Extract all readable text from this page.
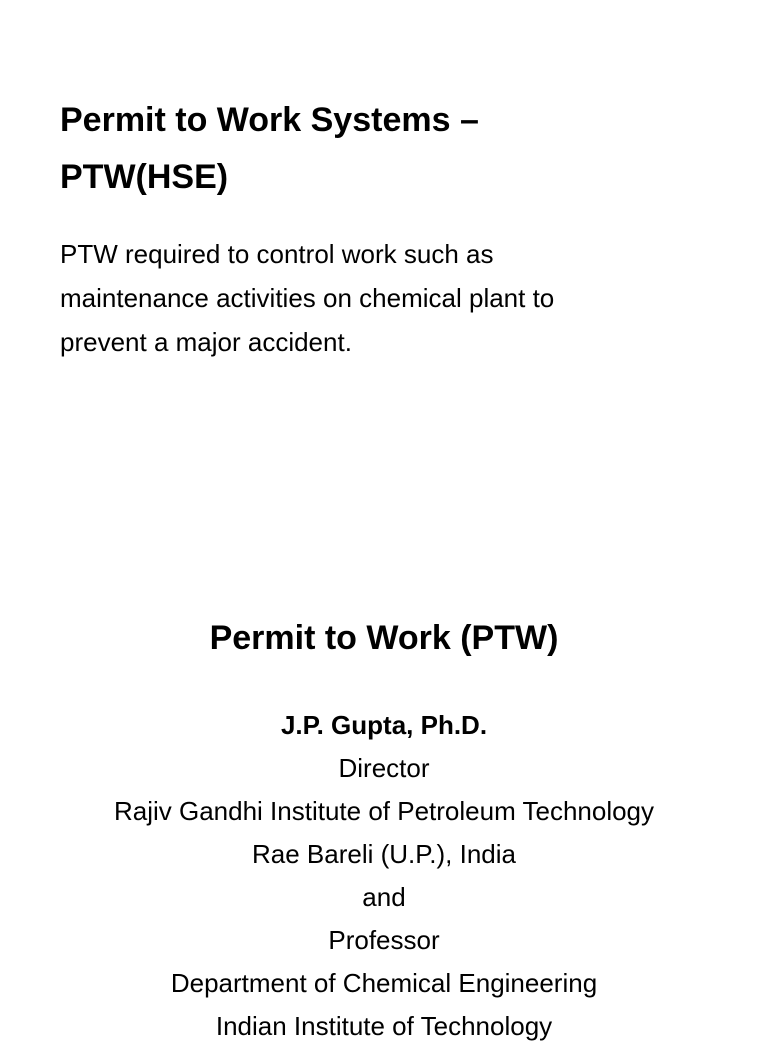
Permit to Work Systems –
PTW(HSE)

PTW required to control work such as
maintenance activities on chemical plant to
prevent a major accident.

Permit to Work (PTW)
J.P. Gupta, Ph.D.
Director
Rajiv Gandhi Institute of Petroleum Technology
Rae Bareli (U.P.), India
and
Professor
Department of Chemical Engineering
Indian Institute of Technology
